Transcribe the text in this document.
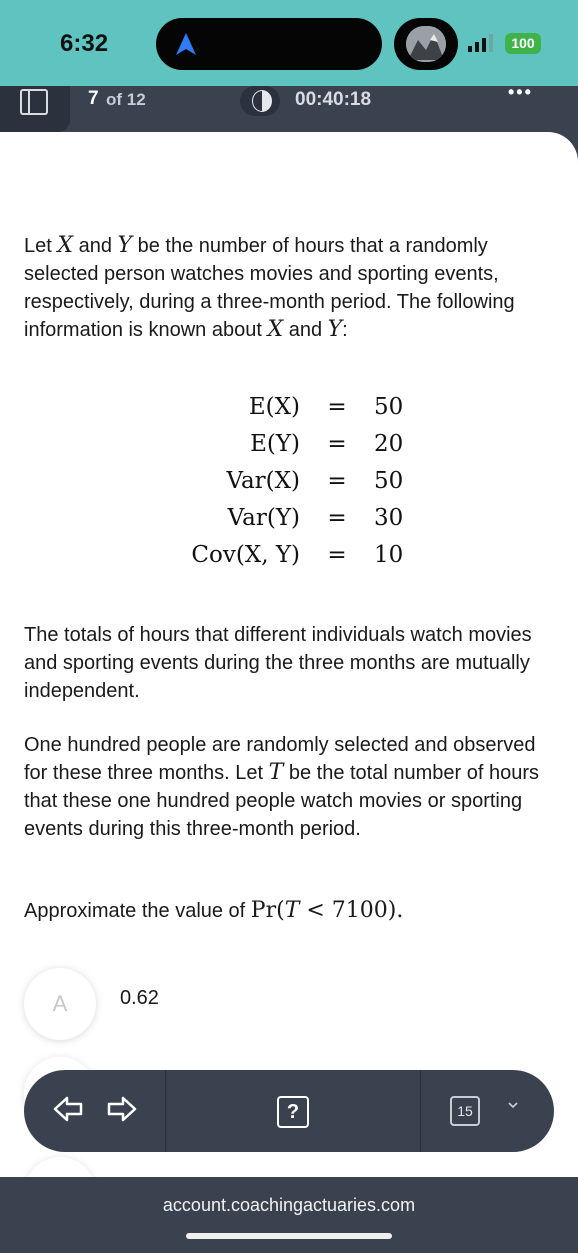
6:32	100
7 of 12	00:40:18	•••

Let X and Y be the number of hours that a randomly selected person watches movies and sporting events, respectively, during a three-month period. The following information is known about X and Y:

E(X)	=	50
E(Y)	=	20
Var(X)	=	50
Var(Y)	=	30
Cov(X, Y)	=	10

The totals of hours that different individuals watch movies and sporting events during the three months are mutually independent.

One hundred people are randomly selected and observed for these three months. Let T be the total number of hours that these one hundred people watch movies or sporting events during this three-month period.

Approximate the value of Pr(T < 7100).

A	0.62
?	15
account.coachingactuaries.com
